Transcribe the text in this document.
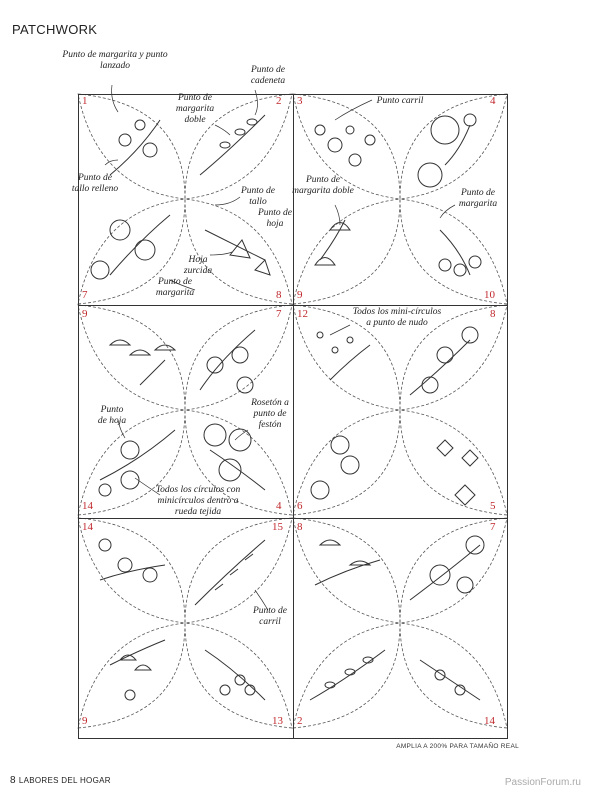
PATCHWORK
Punto de margarita y punto lanzado
Punto de margarita doble
Punto de cadeneta
Punto carril
Punto de tallo relleno	Punto de tallo
Punto de hoja
Hoja zurcida
Punto de margarita
Punto de margarita doble	Punto de margarita
Todos los mini-círculos a punto de nudo
Punto de hoja
Rosetón a punto de festón
Todos los círculos con minicírculos dentro a rueda tejida
Punto de carril
1	2
7	8
3	4
9	10
9	7
14	4
12	8
6	5
14	15
9	13
8	7
2	14
AMPLIA A 200% PARA TAMAÑO REAL
8 LABORES DEL HOGAR	PassionForum.ru
